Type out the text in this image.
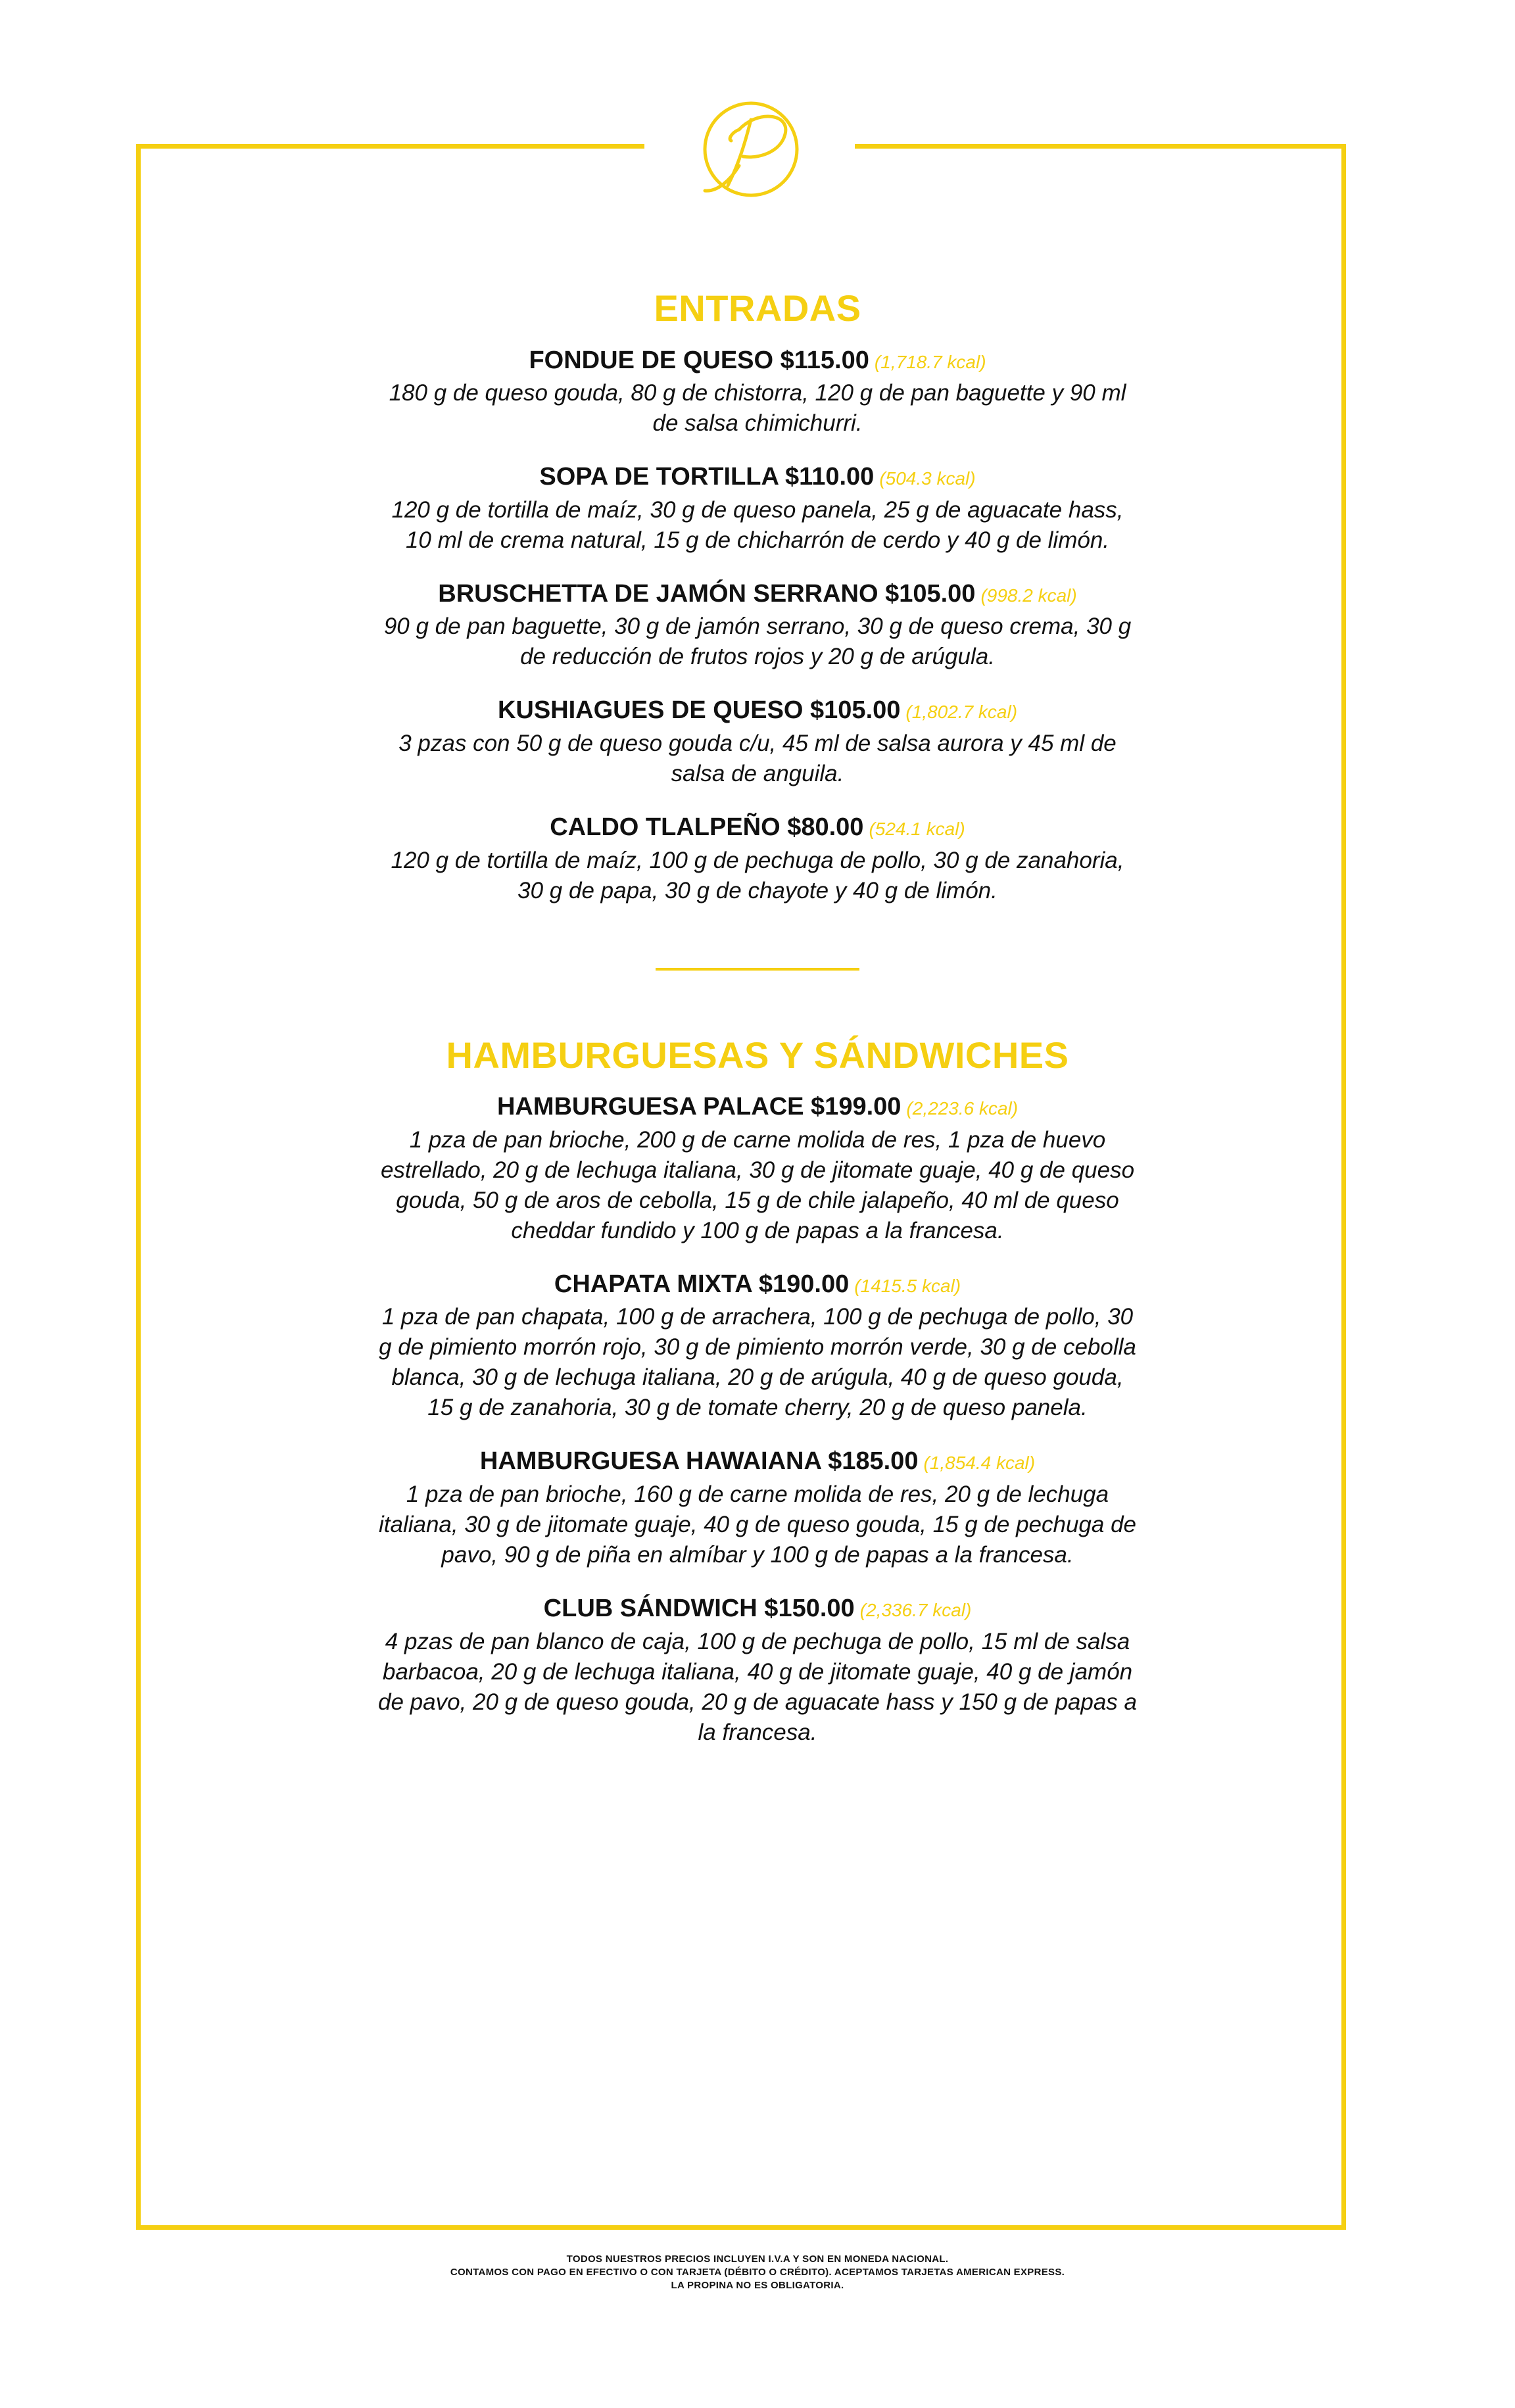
ENTRADAS
FONDUE DE QUESO $115.00 (1,718.7 kcal)
180 g de queso gouda, 80 g de chistorra, 120 g de pan baguette y 90 ml de salsa chimichurri.
SOPA DE TORTILLA $110.00 (504.3 kcal)
120 g de tortilla de maíz, 30 g de queso panela, 25 g de aguacate hass, 10 ml de crema natural, 15 g de chicharrón de cerdo y 40 g de limón.
BRUSCHETTA DE JAMÓN SERRANO $105.00 (998.2 kcal)
90 g de pan baguette, 30 g de jamón serrano, 30 g de queso crema, 30 g de reducción de frutos rojos y 20 g de arúgula.
KUSHIAGUES DE QUESO $105.00 (1,802.7 kcal)
3 pzas con 50 g de queso gouda c/u, 45 ml de salsa aurora y 45 ml de salsa de anguila.
CALDO TLALPEÑO $80.00 (524.1 kcal)
120 g de tortilla de maíz, 100 g de pechuga de pollo, 30 g de zanahoria, 30 g de papa, 30 g de chayote y 40 g de limón.
HAMBURGUESAS Y SÁNDWICHES
HAMBURGUESA PALACE $199.00 (2,223.6 kcal)
1 pza de pan brioche, 200 g de carne molida de res, 1 pza de huevo estrellado, 20 g de lechuga italiana, 30 g de jitomate guaje, 40 g de queso gouda, 50 g de aros de cebolla, 15 g de chile jalapeño, 40 ml de queso cheddar fundido y 100 g de papas a la francesa.
CHAPATA MIXTA $190.00 (1415.5 kcal)
1 pza de pan chapata, 100 g de arrachera, 100 g de pechuga de pollo, 30 g de pimiento morrón rojo, 30 g de pimiento morrón verde, 30 g de cebolla blanca, 30 g de lechuga italiana, 20 g de arúgula, 40 g de queso gouda, 15 g de zanahoria, 30 g de tomate cherry, 20 g de queso panela.
HAMBURGUESA HAWAIANA $185.00 (1,854.4 kcal)
1 pza de pan brioche, 160 g de carne molida de res, 20 g de lechuga italiana, 30 g de jitomate guaje, 40 g de queso gouda, 15 g de pechuga de pavo, 90 g de piña en almíbar y 100 g de papas a la francesa.
CLUB SÁNDWICH $150.00 (2,336.7 kcal)
4 pzas de pan blanco de caja, 100 g de pechuga de pollo, 15 ml de salsa barbacoa, 20 g de lechuga italiana, 40 g de jitomate guaje, 40 g de jamón de pavo, 20 g de queso gouda, 20 g de aguacate hass y 150 g de papas a la francesa.
TODOS NUESTROS PRECIOS INCLUYEN I.V.A Y SON EN MONEDA NACIONAL.
CONTAMOS CON PAGO EN EFECTIVO O CON TARJETA (DÉBITO O CRÉDITO). ACEPTAMOS TARJETAS AMERICAN EXPRESS.
LA PROPINA NO ES OBLIGATORIA.
